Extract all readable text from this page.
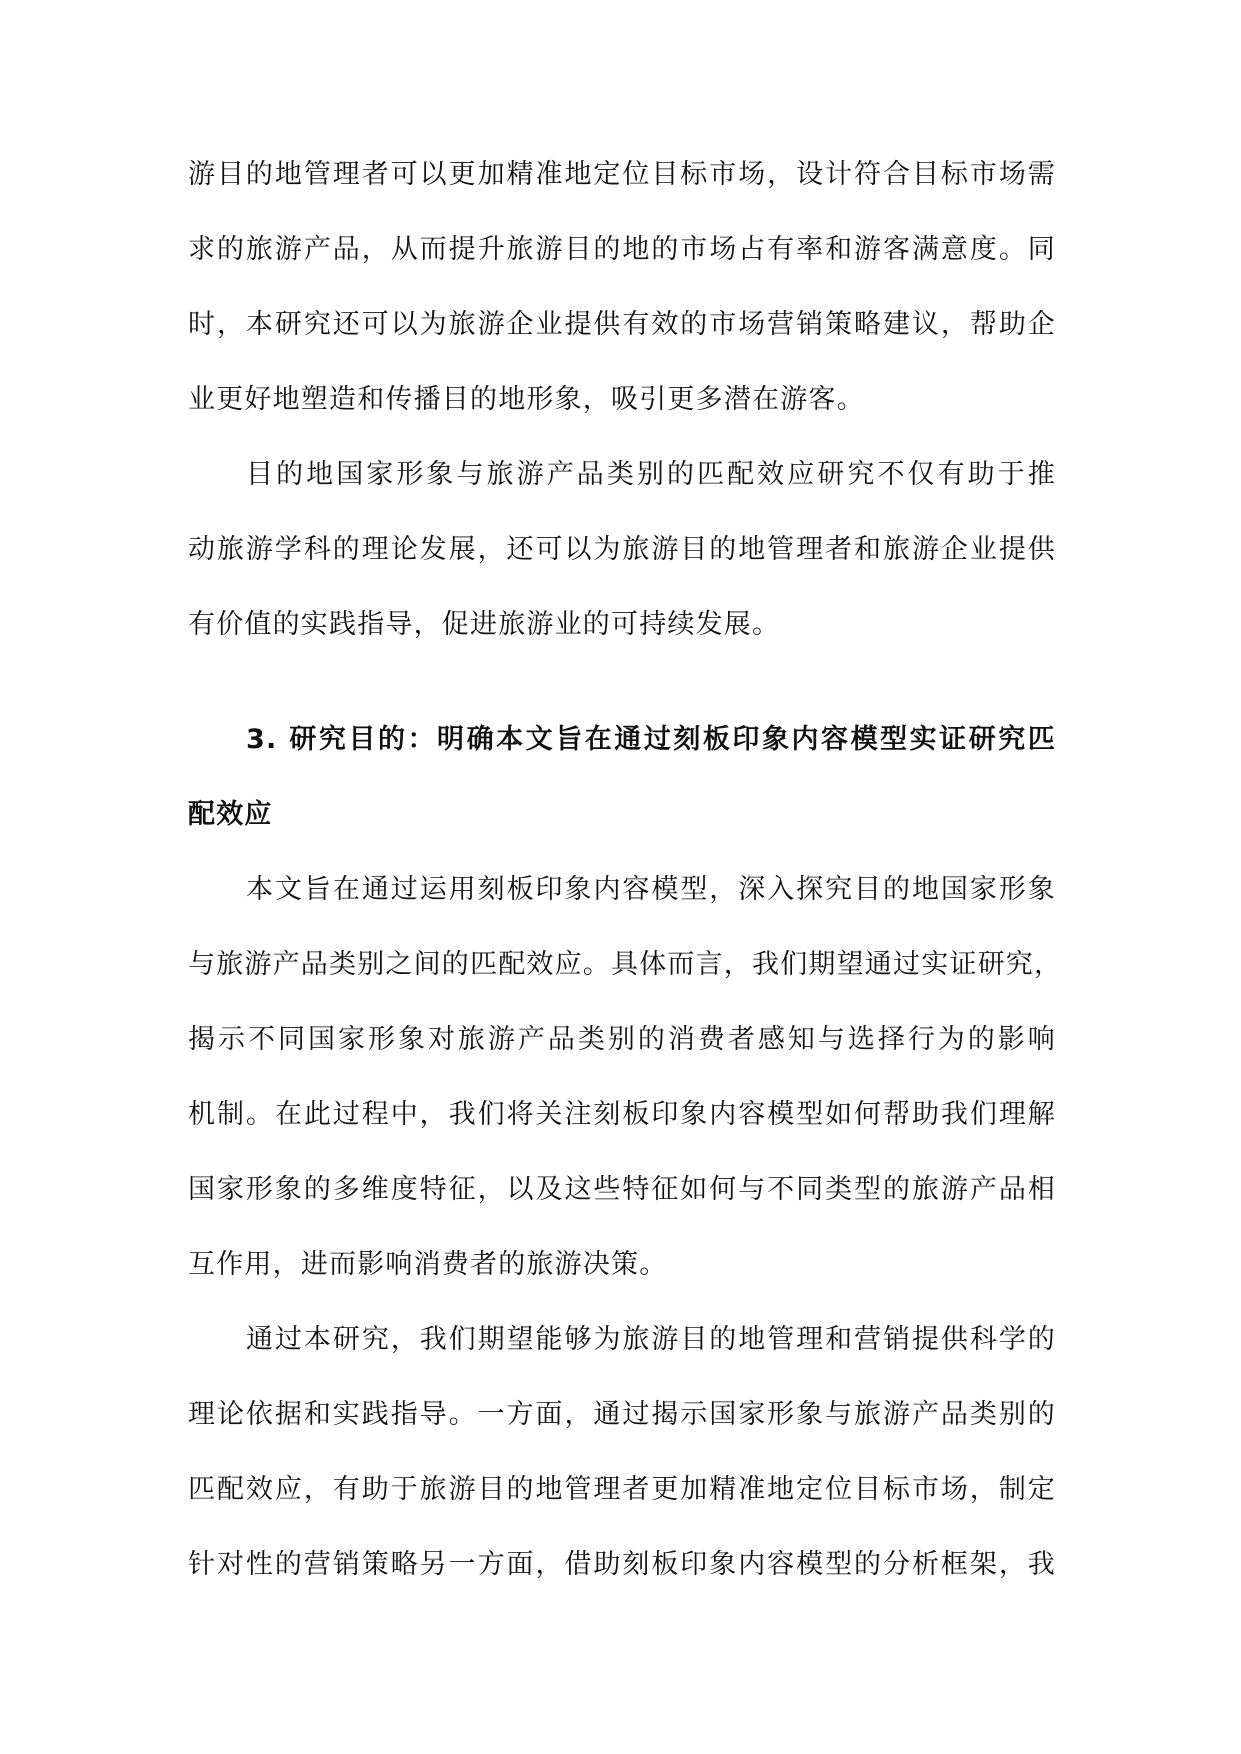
游目的地管理者可以更加精准地定位目标市场，设计符合目标市场需
求的旅游产品，从而提升旅游目的地的市场占有率和游客满意度。同
时，本研究还可以为旅游企业提供有效的市场营销策略建议，帮助企
业更好地塑造和传播目的地形象，吸引更多潜在游客。
目的地国家形象与旅游产品类别的匹配效应研究不仅有助于推
动旅游学科的理论发展，还可以为旅游目的地管理者和旅游企业提供
有价值的实践指导，促进旅游业的可持续发展。
3. 研究目的：明确本文旨在通过刻板印象内容模型实证研究匹
配效应
本文旨在通过运用刻板印象内容模型，深入探究目的地国家形象
与旅游产品类别之间的匹配效应。具体而言，我们期望通过实证研究，
揭示不同国家形象对旅游产品类别的消费者感知与选择行为的影响
机制。在此过程中，我们将关注刻板印象内容模型如何帮助我们理解
国家形象的多维度特征，以及这些特征如何与不同类型的旅游产品相
互作用，进而影响消费者的旅游决策。
通过本研究，我们期望能够为旅游目的地管理和营销提供科学的
理论依据和实践指导。一方面，通过揭示国家形象与旅游产品类别的
匹配效应，有助于旅游目的地管理者更加精准地定位目标市场，制定
针对性的营销策略另一方面，借助刻板印象内容模型的分析框架，我
